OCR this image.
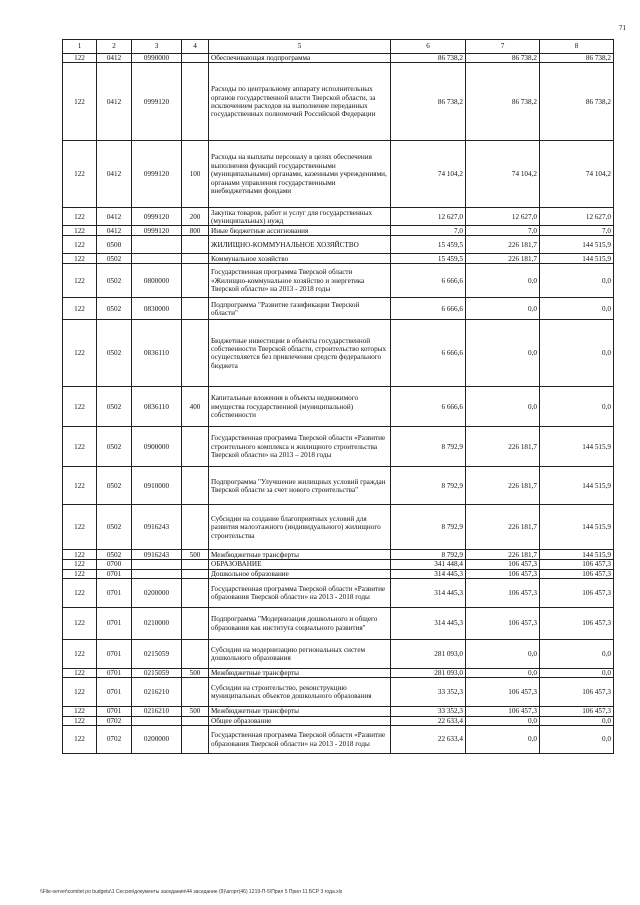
71
1	2	3	4	5	6	7	8
122	0412	0990000		Обеспечивающая подпрограмма	86 738,2	86 738,2	86 738,2
122	0412	0999120		Расходы по центральному аппарату исполнительных органов государственной власти Тверской области, за исключением расходов на выполнение переданных государственных полномочий Российской Федерации	86 738,2	86 738,2	86 738,2
122	0412	0999120	100	Расходы на выплаты персоналу в целях обеспечения выполнения функций государственными (муниципальными) органами, казенными учреждениями, органами управления государственными внебюджетными фондами	74 104,2	74 104,2	74 104,2
122	0412	0999120	200	Закупка товаров, работ и услуг для государственных (муниципальных) нужд	12 627,0	12 627,0	12 627,0
122	0412	0999120	800	Иные бюджетные ассигнования	7,0	7,0	7,0
122	0500			ЖИЛИЩНО-КОММУНАЛЬНОЕ ХОЗЯЙСТВО	15 459,5	226 181,7	144 515,9
122	0502			Коммунальное хозяйство	15 459,5	226 181,7	144 515,9
122	0502	0800000		Государственная программа Тверской области «Жилищно-коммунальное хозяйство и энергетика Тверской области» на 2013 - 2018 годы	6 666,6	0,0	0,0
122	0502	0830000		Подпрограмма "Развитие газификации Тверской области"	6 666,6	0,0	0,0
122	0502	0836110		Бюджетные инвестиции в объекты государственной собственности Тверской области, строительство которых осуществляется без привлечения средств федерального бюджета	6 666,6	0,0	0,0
122	0502	0836110	400	Капитальные вложения в объекты недвижимого имущества государственной (муниципальной) собственности	6 666,6	0,0	0,0
122	0502	0900000		Государственная программа Тверской области «Развитие строительного комплекса и жилищного строительства Тверской области» на 2013 – 2018 годы	8 792,9	226 181,7	144 515,9
122	0502	0910000		Подпрограмма "Улучшение жилищных условий граждан Тверской области за счет нового строительства"	8 792,9	226 181,7	144 515,9
122	0502	0916243		Субсидии на создание благоприятных условий для развития малоэтажного (индивидуального) жилищного строительства	8 792,9	226 181,7	144 515,9
122	0502	0916243	500	Межбюджетные трансферты	8 792,9	226 181,7	144 515,9
122	0700			ОБРАЗОВАНИЕ	341 448,4	106 457,3	106 457,3
122	0701			Дошкольное образование	314 445,3	106 457,3	106 457,3
122	0701	0200000		Государственная программа Тверской области «Развитие образования Тверской области» на 2013 - 2018 годы	314 445,3	106 457,3	106 457,3
122	0701	0210000		Подпрограмма "Модернизация дошкольного и общего образования как института социального развития"	314 445,3	106 457,3	106 457,3
122	0701	0215059		Субсидии на модернизацию региональных систем дошкольного образования	281 093,0	0,0	0,0
122	0701	0215059	500	Межбюджетные трансферты	281 093,0	0,0	0,0
122	0701	0216210		Субсидии на строительство, реконструкцию муниципальных объектов дошкольного образования	33 352,3	106 457,3	106 457,3
122	0701	0216210	500	Межбюджетные трансферты	33 352,3	106 457,3	106 457,3
122	0702			Общее образование	22 633,4	0,0	0,0
122	0702	0200000		Государственная программа Тверской области «Развитие образования Тверской области» на 2013 - 2018 годы	22 633,4	0,0	0,0
\\File-server\comitet po budgetu\1 Сессия\документы заседания\44 заседание (9)\агорт(46) 1219-П-5\Прил 5 Прил 11 БСР 3 года.xls
